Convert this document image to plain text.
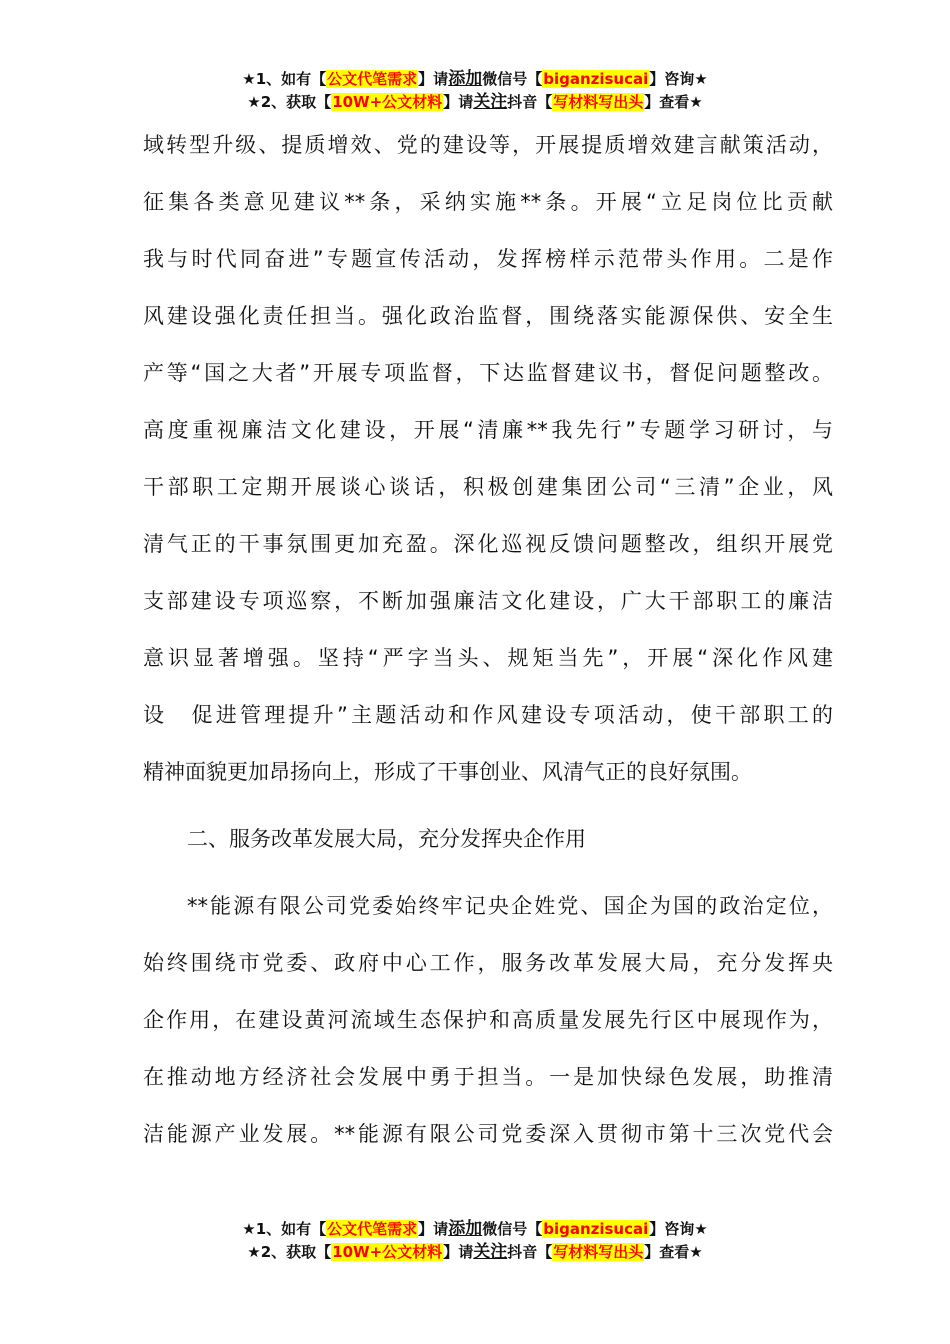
★1、如有【公文代笔需求】请添加微信号【biganzisucai】咨询★
★2、获取【10W+公文材料】请关注抖音【写材料写出头】查看★
域转型升级、提质增效、党的建设等，开展提质增效建言献策活动，
征集各类意见建议**条，采纳实施**条。开展“立足岗位比贡献
我与时代同奋进”专题宣传活动，发挥榜样示范带头作用。二是作
风建设强化责任担当。强化政治监督，围绕落实能源保供、安全生
产等“国之大者”开展专项监督，下达监督建议书，督促问题整改。
高度重视廉洁文化建设，开展“清廉**我先行”专题学习研讨，与
干部职工定期开展谈心谈话，积极创建集团公司“三清”企业，风
清气正的干事氛围更加充盈。深化巡视反馈问题整改，组织开展党
支部建设专项巡察，不断加强廉洁文化建设，广大干部职工的廉洁
意识显著增强。坚持“严字当头、规矩当先”，开展“深化作风建
设　促进管理提升”主题活动和作风建设专项活动，使干部职工的
精神面貌更加昂扬向上，形成了干事创业、风清气正的良好氛围。
二、服务改革发展大局，充分发挥央企作用
**能源有限公司党委始终牢记央企姓党、国企为国的政治定位，
始终围绕市党委、政府中心工作，服务改革发展大局，充分发挥央
企作用，在建设黄河流域生态保护和高质量发展先行区中展现作为，
在推动地方经济社会发展中勇于担当。一是加快绿色发展，助推清
洁能源产业发展。**能源有限公司党委深入贯彻市第十三次党代会
★1、如有【公文代笔需求】请添加微信号【biganzisucai】咨询★
★2、获取【10W+公文材料】请关注抖音【写材料写出头】查看★
